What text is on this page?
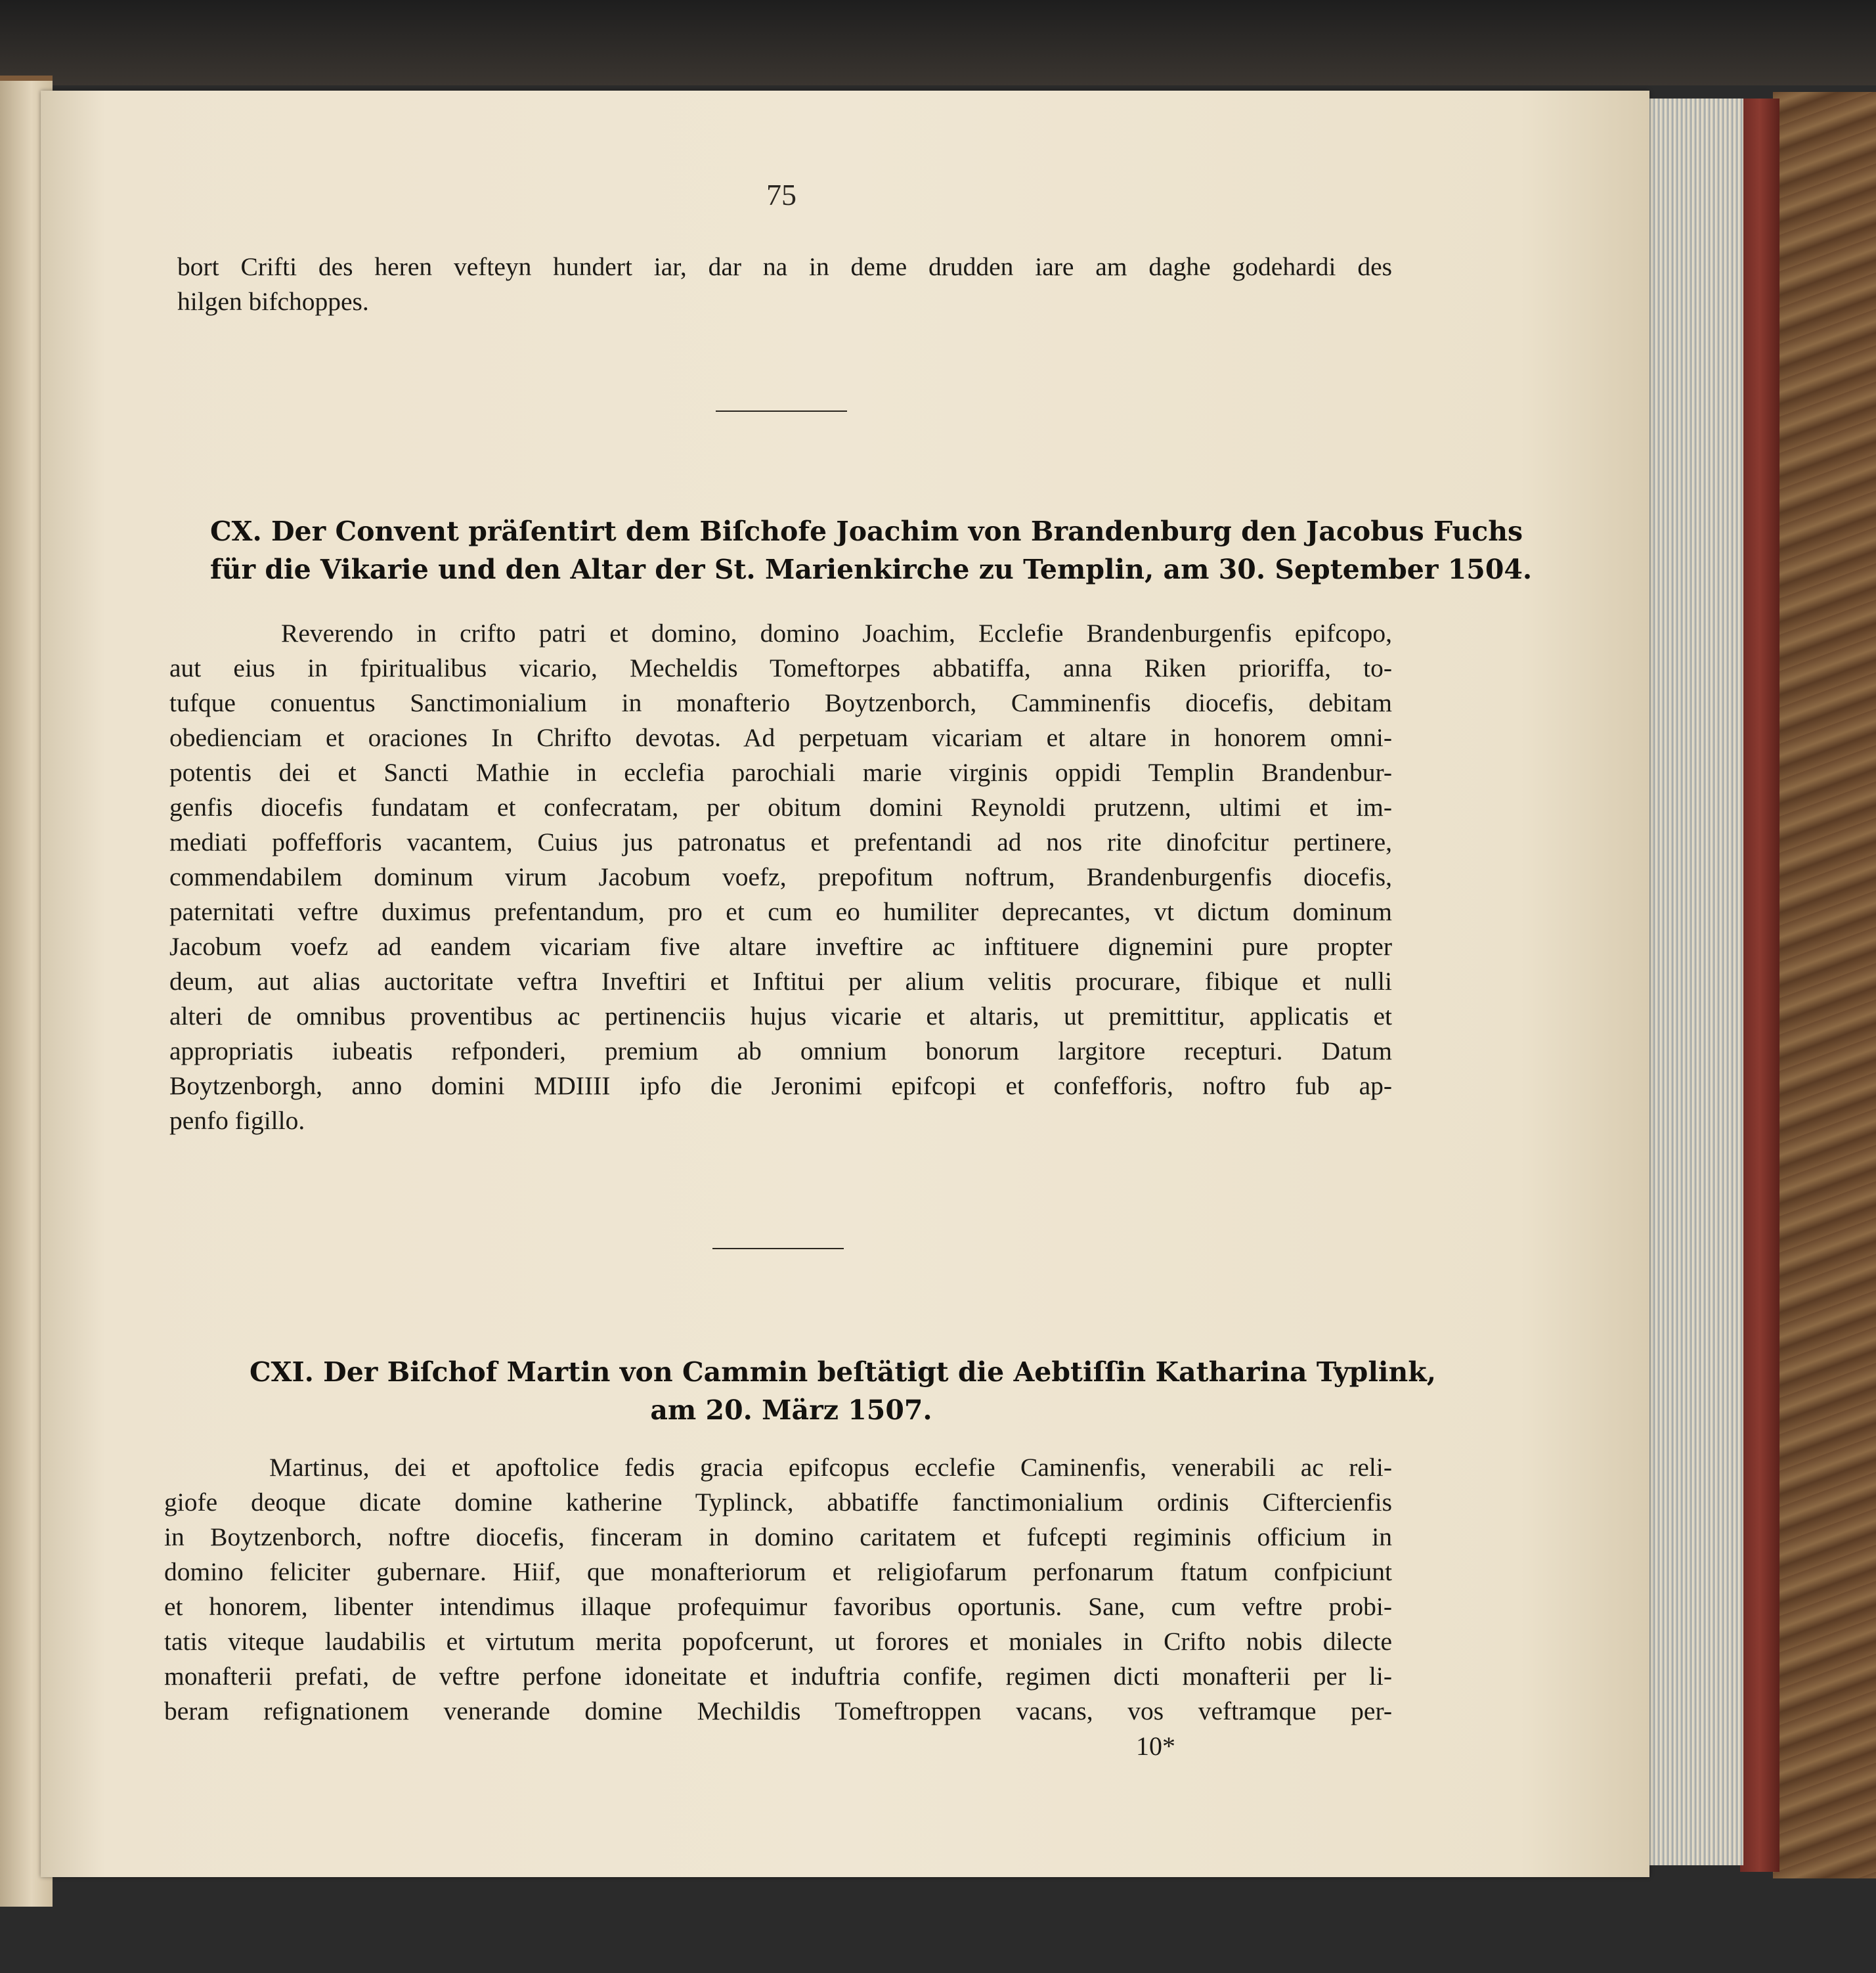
75
bort Crifti des heren vefteyn hundert iar, dar na in deme drudden iare am daghe godehardi des
hilgen bifchoppes.
CX. Der Convent präſentirt dem Biſchofe Joachim von Brandenburg den Jacobus Fuchs
für die Vikarie und den Altar der St. Marienkirche zu Templin, am 30. September 1504.
Reverendo in crifto patri et domino, domino Joachim, Ecclefie Brandenburgenfis epifcopo,
aut eius in fpiritualibus vicario, Mecheldis Tomeftorpes abbatiffa, anna Riken prioriffa, to-
tufque conuentus Sanctimonialium in monafterio Boytzenborch, Camminenfis diocefis, debitam
obedienciam et oraciones In Chrifto devotas. Ad perpetuam vicariam et altare in honorem omni-
potentis dei et Sancti Mathie in ecclefia parochiali marie virginis oppidi Templin Brandenbur-
genfis diocefis fundatam et confecratam, per obitum domini Reynoldi prutzenn, ultimi et im-
mediati poffefforis vacantem, Cuius jus patronatus et prefentandi ad nos rite dinofcitur pertinere,
commendabilem dominum virum Jacobum voefz, prepofitum noftrum, Brandenburgenfis diocefis,
paternitati veftre duximus prefentandum, pro et cum eo humiliter deprecantes, vt dictum dominum
Jacobum voefz ad eandem vicariam five altare inveftire ac inftituere dignemini pure propter
deum, aut alias auctoritate veftra Inveftiri et Inftitui per alium velitis procurare, fibique et nulli
alteri de omnibus proventibus ac pertinenciis hujus vicarie et altaris, ut premittitur, applicatis et
appropriatis iubeatis refponderi, premium ab omnium bonorum largitore recepturi. Datum
Boytzenborgh, anno domini MDIIII ipfo die Jeronimi epifcopi et confefforis, noftro fub ap-
penfo figillo.
CXI. Der Biſchof Martin von Cammin beſtätigt die Aebtiſſin Katharina Typlink,
am 20. März 1507.
Martinus, dei et apoftolice fedis gracia epifcopus ecclefie Caminenfis, venerabili ac reli-
giofe deoque dicate domine katherine Typlinck, abbatiffe fanctimonialium ordinis Ciftercienfis
in Boytzenborch, noftre diocefis, finceram in domino caritatem et fufcepti regiminis officium in
domino feliciter gubernare. Hiif, que monafteriorum et religiofarum perfonarum ftatum confpiciunt
et honorem, libenter intendimus illaque profequimur favoribus oportunis. Sane, cum veftre probi-
tatis viteque laudabilis et virtutum merita popofcerunt, ut forores et moniales in Crifto nobis dilecte
monafterii prefati, de veftre perfone idoneitate et induftria confife, regimen dicti monafterii per li-
beram refignationem venerande domine Mechildis Tomeftroppen vacans, vos veftramque per-
10*
